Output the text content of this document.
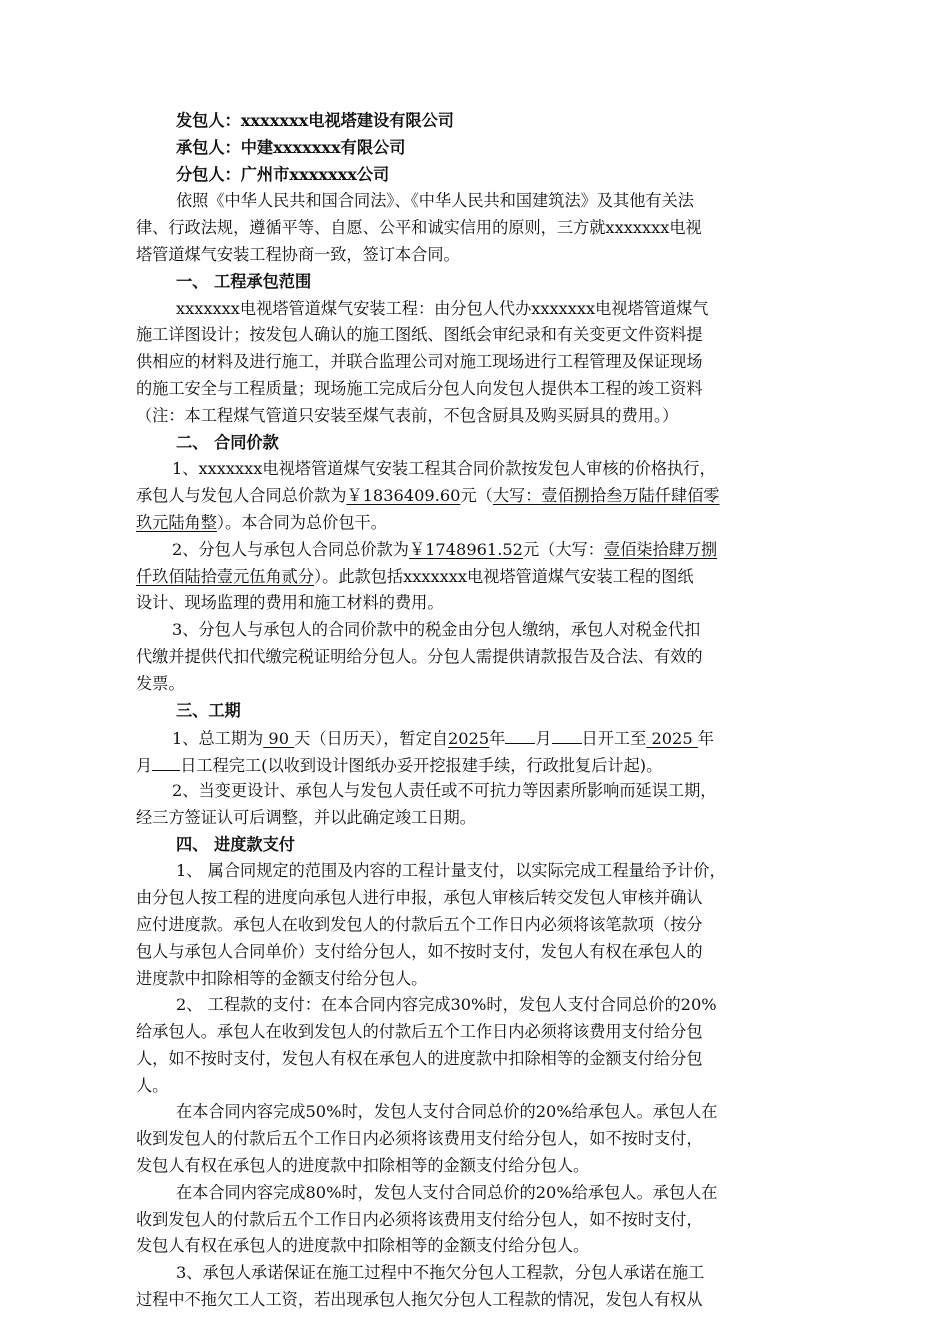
发包人：xxxxxxx电视塔建设有限公司
承包人：中建xxxxxxx有限公司
分包人：广州市xxxxxxx公司
依照《中华人民共和国合同法》、《中华人民共和国建筑法》及其他有关法
律、行政法规，遵循平等、自愿、公平和诚实信用的原则，三方就xxxxxxx电视
塔管道煤气安装工程协商一致，签订本合同。
一、 工程承包范围
xxxxxxx电视塔管道煤气安装工程：由分包人代办xxxxxxx电视塔管道煤气
施工详图设计；按发包人确认的施工图纸、图纸会审纪录和有关变更文件资料提
供相应的材料及进行施工，并联合监理公司对施工现场进行工程管理及保证现场
的施工安全与工程质量；现场施工完成后分包人向发包人提供本工程的竣工资料
（注：本工程煤气管道只安装至煤气表前，不包含厨具及购买厨具的费用。）
二、 合同价款
1、xxxxxxx电视塔管道煤气安装工程其合同价款按发包人审核的价格执行，
承包人与发包人合同总价款为￥1836409.60元（大写：壹佰捌拾叁万陆仟肆佰零
玖元陆角整）。本合同为总价包干。
2、分包人与承包人合同总价款为￥1748961.52元（大写：壹佰柒拾肆万捌
仟玖佰陆拾壹元伍角贰分）。此款包括xxxxxxx电视塔管道煤气安装工程的图纸
设计、现场监理的费用和施工材料的费用。
3、分包人与承包人的合同价款中的税金由分包人缴纳，承包人对税金代扣
代缴并提供代扣代缴完税证明给分包人。分包人需提供请款报告及合法、有效的
发票。
三、工期
1、总工期为 90 天（日历天），暂定自2025年 月 日开工至 2025 年
月 日工程完工(以收到设计图纸办妥开挖报建手续，行政批复后计起)。
2、当变更设计、承包人与发包人责任或不可抗力等因素所影响而延误工期，
经三方签证认可后调整，并以此确定竣工日期。
四、 进度款支付
1、 属合同规定的范围及内容的工程计量支付，以实际完成工程量给予计价，
由分包人按工程的进度向承包人进行申报，承包人审核后转交发包人审核并确认
应付进度款。承包人在收到发包人的付款后五个工作日内必须将该笔款项（按分
包人与承包人合同单价）支付给分包人，如不按时支付，发包人有权在承包人的
进度款中扣除相等的金额支付给分包人。
2、 工程款的支付：在本合同内容完成30%时，发包人支付合同总价的20%
给承包人。承包人在收到发包人的付款后五个工作日内必须将该费用支付给分包
人，如不按时支付，发包人有权在承包人的进度款中扣除相等的金额支付给分包
人。
在本合同内容完成50%时，发包人支付合同总价的20%给承包人。承包人在
收到发包人的付款后五个工作日内必须将该费用支付给分包人，如不按时支付，
发包人有权在承包人的进度款中扣除相等的金额支付给分包人。
在本合同内容完成80%时，发包人支付合同总价的20%给承包人。承包人在
收到发包人的付款后五个工作日内必须将该费用支付给分包人，如不按时支付，
发包人有权在承包人的进度款中扣除相等的金额支付给分包人。
3、承包人承诺保证在施工过程中不拖欠分包人工程款，分包人承诺在施工
过程中不拖欠工人工资，若出现承包人拖欠分包人工程款的情况，发包人有权从
